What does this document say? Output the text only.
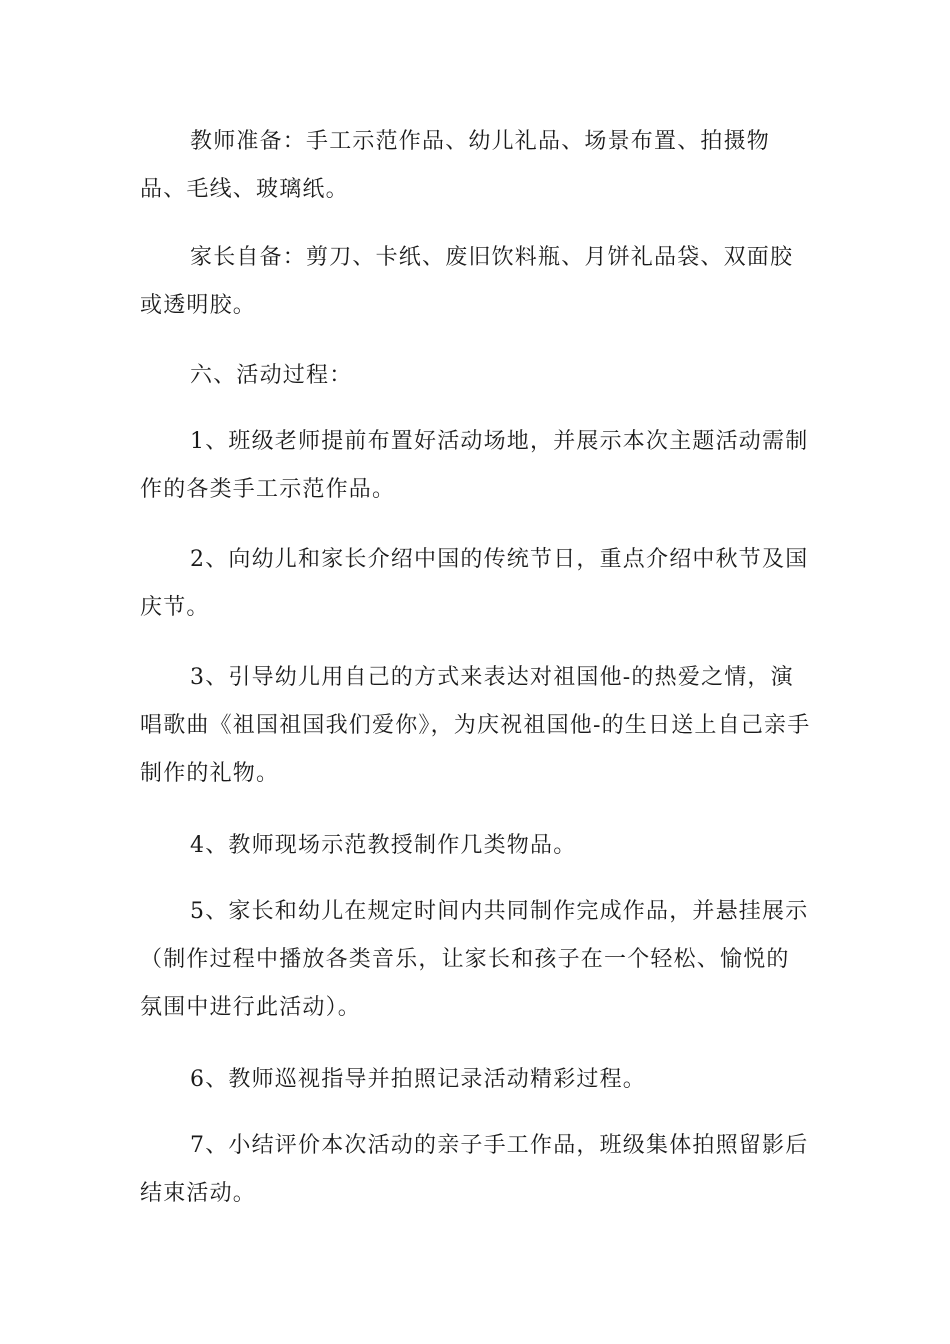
教师准备：手工示范作品、幼儿礼品、场景布置、拍摄物品、毛线、玻璃纸。

家长自备：剪刀、卡纸、废旧饮料瓶、月饼礼品袋、双面胶或透明胶。

六、活动过程：

1、班级老师提前布置好活动场地，并展示本次主题活动需制作的各类手工示范作品。

2、向幼儿和家长介绍中国的传统节日，重点介绍中秋节及国庆节。

3、引导幼儿用自己的方式来表达对祖国他-的热爱之情，演唱歌曲《祖国祖国我们爱你》，为庆祝祖国他-的生日送上自己亲手制作的礼物。

4、教师现场示范教授制作几类物品。

5、家长和幼儿在规定时间内共同制作完成作品，并悬挂展示（制作过程中播放各类音乐，让家长和孩子在一个轻松、愉悦的氛围中进行此活动）。

6、教师巡视指导并拍照记录活动精彩过程。

7、小结评价本次活动的亲子手工作品，班级集体拍照留影后结束活动。
